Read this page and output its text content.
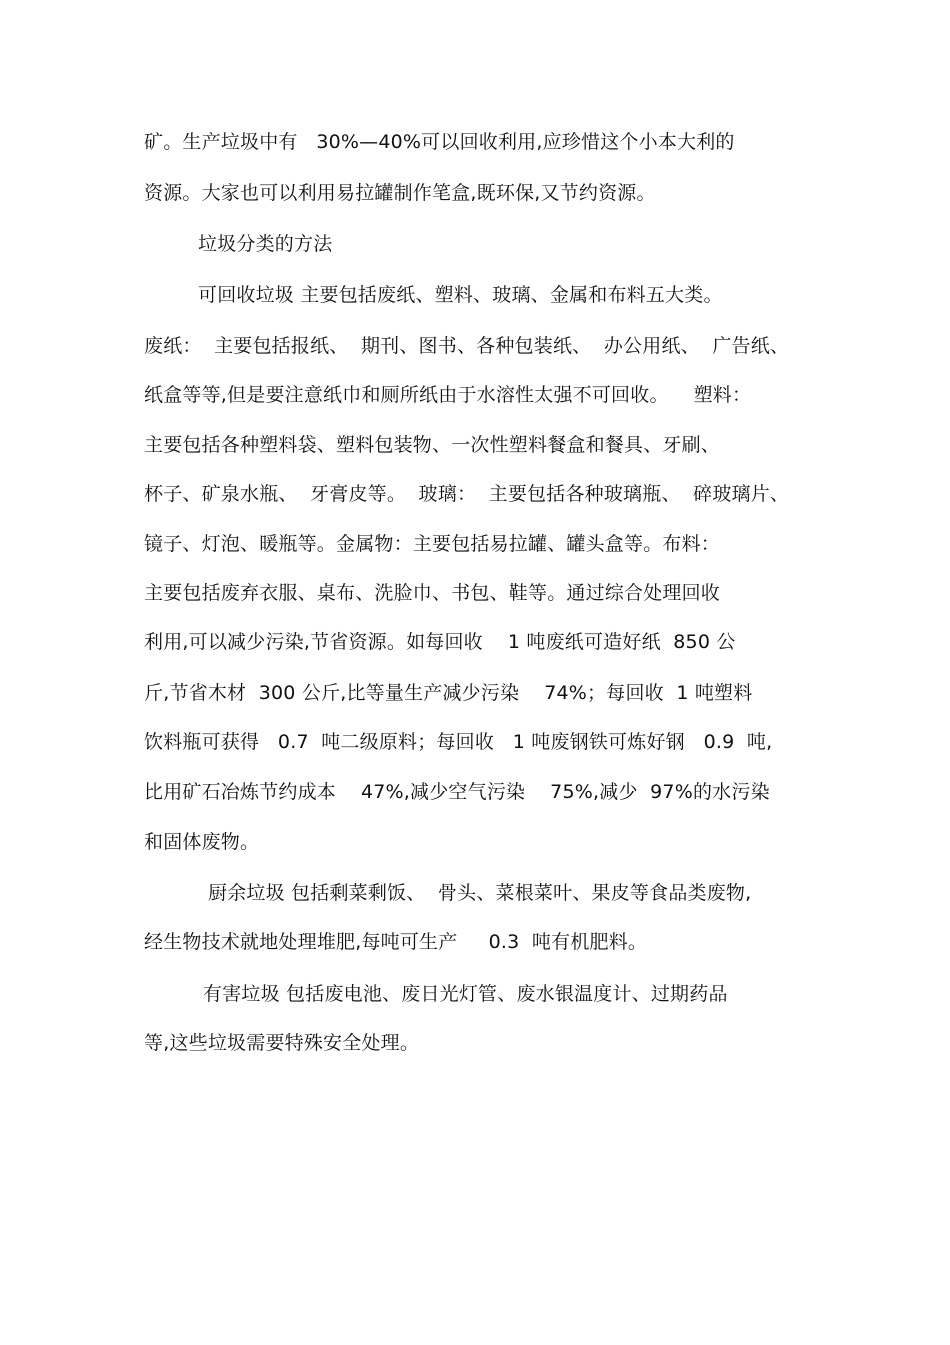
矿。生产垃圾中有   30%—40%可以回收利用,应珍惜这个小本大利的
资源。大家也可以利用易拉罐制作笔盒,既环保,又节约资源。
垃圾分类的方法
可回收垃圾 主要包括废纸、塑料、玻璃、金属和布料五大类。
废纸：  主要包括报纸、  期刊、图书、各种包装纸、  办公用纸、  广告纸、
纸盒等等,但是要注意纸巾和厕所纸由于水溶性太强不可回收。    塑料：
主要包括各种塑料袋、塑料包装物、一次性塑料餐盒和餐具、牙刷、
杯子、矿泉水瓶、  牙膏皮等。  玻璃：  主要包括各种玻璃瓶、  碎玻璃片、
镜子、灯泡、暖瓶等。金属物：主要包括易拉罐、罐头盒等。布料：
主要包括废弃衣服、桌布、洗脸巾、书包、鞋等。通过综合处理回收
利用,可以减少污染,节省资源。如每回收    1 吨废纸可造好纸  850 公
斤,节省木材  300 公斤,比等量生产减少污染    74%；每回收  1 吨塑料
饮料瓶可获得   0.7  吨二级原料；每回收   1 吨废钢铁可炼好钢   0.9  吨,
比用矿石冶炼节约成本    47%,减少空气污染    75%,减少  97%的水污染
和固体废物。
厨余垃圾 包括剩菜剩饭、  骨头、菜根菜叶、果皮等食品类废物,
经生物技术就地处理堆肥,每吨可生产     0.3  吨有机肥料。
有害垃圾 包括废电池、废日光灯管、废水银温度计、过期药品
等,这些垃圾需要特殊安全处理。
